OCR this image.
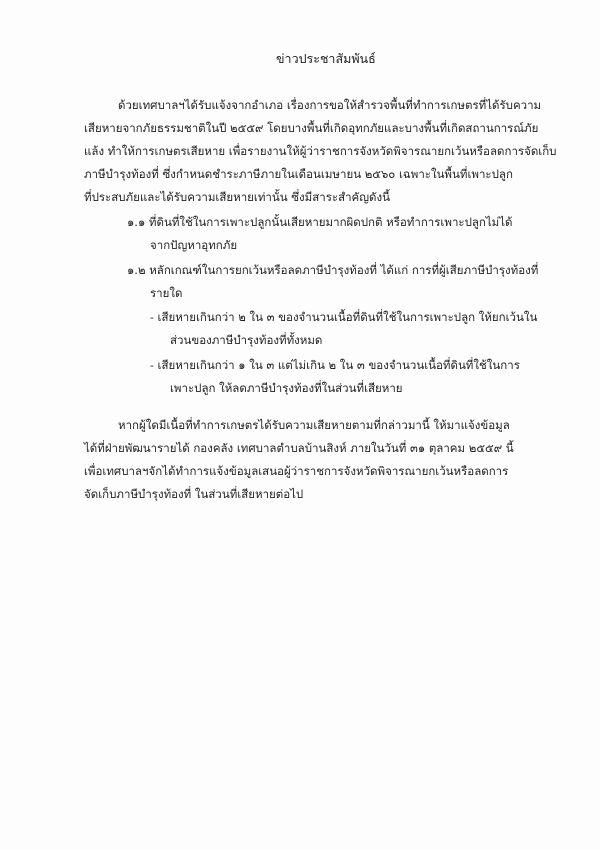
ข่าวประชาสัมพันธ์
ด้วยเทศบาลฯได้รับแจ้งจากอำเภอ เรื่องการขอให้สำรวจพื้นที่ทำการเกษตรที่ได้รับความ
เสียหายจากภัยธรรมชาติในปี ๒๕๕๙ โดยบางพื้นที่เกิดอุทกภัยและบางพื้นที่เกิดสถานการณ์ภัย
แล้ง ทำให้การเกษตรเสียหาย เพื่อรายงานให้ผู้ว่าราชการจังหวัดพิจารณายกเว้นหรือลดการจัดเก็บ
ภาษีบำรุงท้องที่ ซึ่งกำหนดชำระภาษีภายในเดือนเมษายน ๒๕๖๐ เฉพาะในพื้นที่เพาะปลูก
ที่ประสบภัยและได้รับความเสียหายเท่านั้น ซึ่งมีสาระสำคัญดังนี้
๑.๑ ที่ดินที่ใช้ในการเพาะปลูกนั้นเสียหายมากผิดปกติ หรือทำการเพาะปลูกไม่ได้
จากปัญหาอุทกภัย
๑.๒ หลักเกณฑ์ในการยกเว้นหรือลดภาษีบำรุงท้องที่ ได้แก่ การที่ผู้เสียภาษีบำรุงท้องที่
รายใด
- เสียหายเกินกว่า ๒ ใน ๓ ของจำนวนเนื้อที่ดินที่ใช้ในการเพาะปลูก ให้ยกเว้นใน
ส่วนของภาษีบำรุงท้องที่ทั้งหมด
- เสียหายเกินกว่า ๑ ใน ๓ แต่ไม่เกิน ๒ ใน ๓ ของจำนวนเนื้อที่ดินที่ใช้ในการ
เพาะปลูก ให้ลดภาษีบำรุงท้องที่ในส่วนที่เสียหาย
หากผู้ใดมีเนื้อที่ทำการเกษตรได้รับความเสียหายตามที่กล่าวมานี้ ให้มาแจ้งข้อมูล
ได้ที่ฝ่ายพัฒนารายได้ กองคลัง เทศบาลตำบลบ้านสิงห์ ภายในวันที่ ๓๑ ตุลาคม ๒๕๕๙ นี้
เพื่อเทศบาลฯจักได้ทำการแจ้งข้อมูลเสนอผู้ว่าราชการจังหวัดพิจารณายกเว้นหรือลดการ
จัดเก็บภาษีบำรุงท้องที่ ในส่วนที่เสียหายต่อไป
